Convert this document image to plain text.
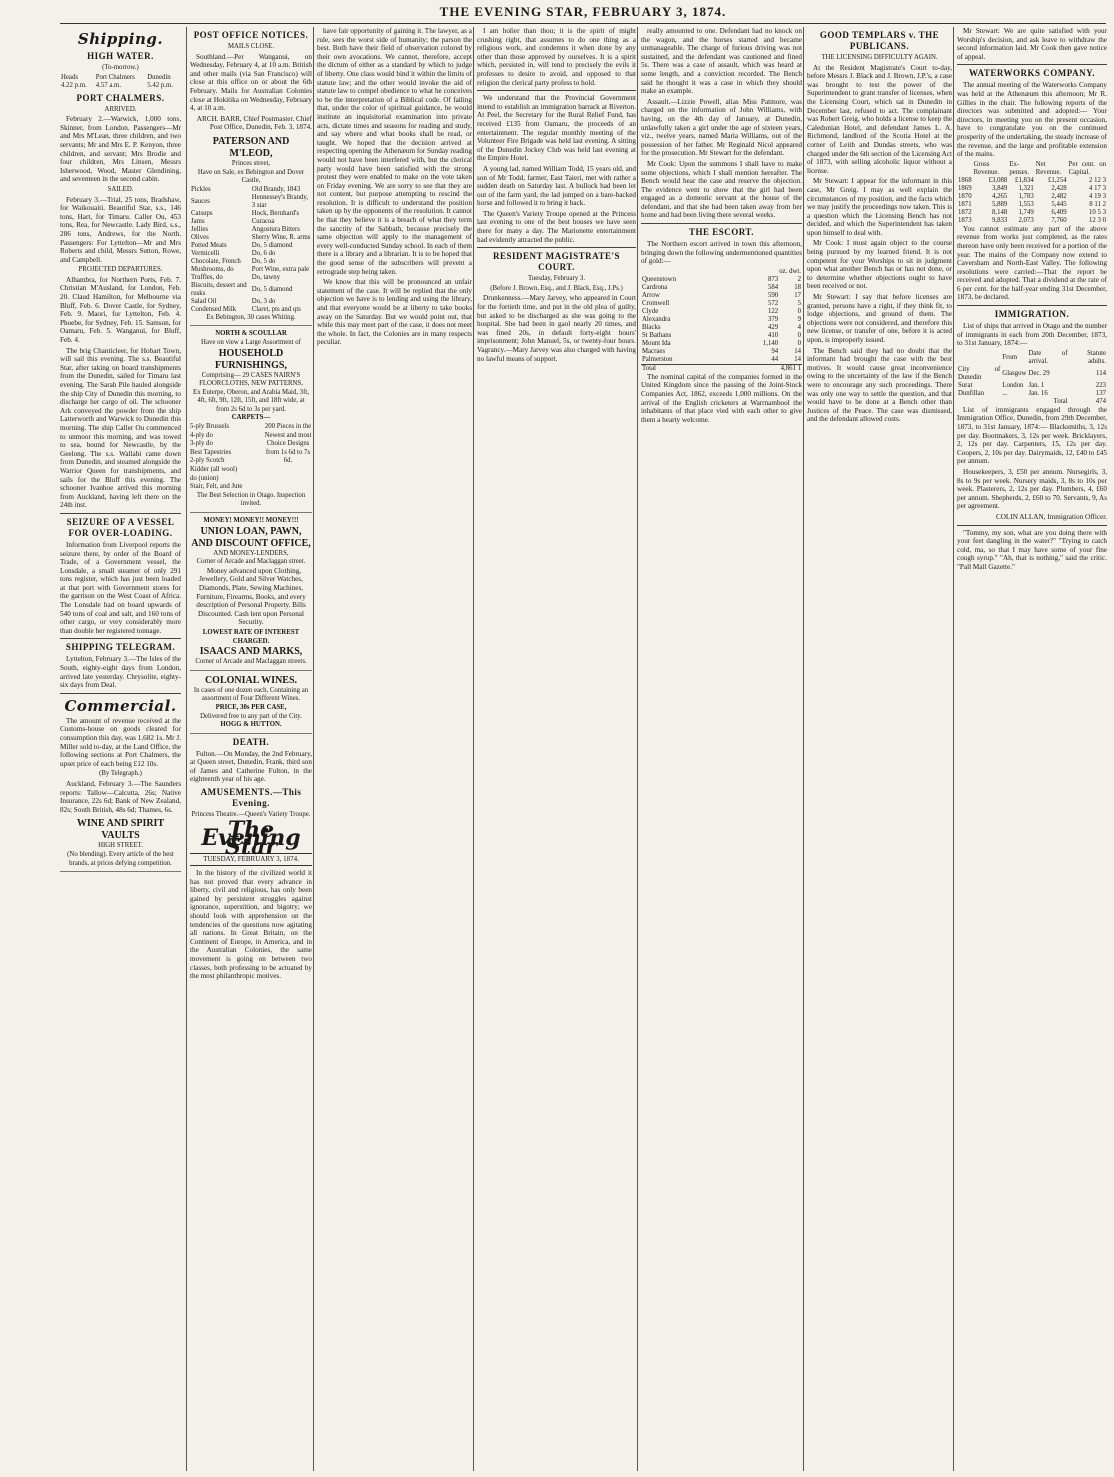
THE EVENING STAR, FEBRUARY 3, 1874.
Shipping.
HIGH WATER.
(To-morrow.)
Heads	Port Chalmers	Dunedin
4.22 p.m.	4.57 a.m.	5.42 p.m.
PORT CHALMERS.
ARRIVED.

February 2.—Warwick, 1,000 tons, Skinner, from London. Passengers—Mr and Mrs M'Lean, three children, and two servants; Mr and Mrs E. P. Kenyon, three children, and servant; Mrs Brodie and four children, Mrs Linsen, Messrs Isherwood, Wood, Master Glendining, and seventeen in the second cabin.

SAILED.

February 3.—Trial, 25 tons, Bradshaw, for Waikouaiti. Beautiful Star, s.s., 146 tons, Hart, for Timaru. Caller Ou, 453 tons, Rea, for Newcastle. Lady Bird, s.s., 286 tons, Andrews, for the North. Passengers: For Lyttelton—Mr and Mrs Roberts and child, Messrs Sutton, Rowe, and Campbell.

PROJECTED DEPARTURES.

Alhambra, for Northern Ports, Feb. 7. Christian M'Ausland, for London, Feb. 20. Claud Hamilton, for Melbourne via Bluff, Feb. 6. Dover Castle, for Sydney, Feb. 9. Maori, for Lyttelton, Feb. 4. Phoebe, for Sydney, Feb. 15. Samson, for Oamaru, Feb. 5. Wanganui, for Bluff, Feb. 4.

The brig Chanticleer, for Hobart Town, will sail this evening. The s.s. Beautiful Star, after taking on board transhipments from the Dunedin, sailed for Timaru last evening. The Sarah Pile hauled alongside the ship City of Dunedin this morning, to discharge her cargo of oil. The schooner Ark conveyed the powder from the ship Latterworth and Warwick to Dunedin this morning. The ship Caller Ou commenced to unmoor this morning, and was towed to sea, bound for Newcastle, by the Geelong. The s.s. Wallabi came down from Dunedin, and steamed alongside the Warrior Queen for transhipments, and sails for the Bluff this evening. The schooner Ivanhoe arrived this morning from Auckland, having left there on the 24th inst.

SEIZURE OF A VESSEL FOR OVER-LOADING.

Information from Liverpool reports the seizure there, by order of the Board of Trade, of a Government vessel, the Lonsdale, a small steamer of only 291 tons register, which has just been loaded at that port with Government stores for the garrison on the West Coast of Africa. The Lonsdale had on board upwards of 540 tons of coal and salt, and 160 tons of other cargo, or very considerably more than double her registered tonnage.

SHIPPING TELEGRAM.

Lyttelton, February 3.—The Isles of the South, eighty-eight days from London, arrived late yesterday. Chrysolite, eighty-six days from Deal.

Commercial.

The amount of revenue received at the Customs-house on goods cleared for consumption this day, was 1,682 1s. Mr J. Miller sold to-day, at the Land Office, the following sections at Port Chalmers, the upset price of each being £12 10s.

(By Telegraph.)

Auckland, February 3.—The Saunders reports: Tallow—Calcutta, 26s; Native Insurance, 22s 6d; Bank of New Zealand, 82s; South British, 48s 6d; Thames, 6s.

WINE AND SPIRIT VAULTS
HIGH STREET.
(No blending). Every article of the best brands, at prices defying competition.
POST OFFICE NOTICES.
MAILS CLOSE.

Southland.—Per Wanganui, on Wednesday, February 4, at 10 a.m. British and other mails (via San Francisco) will close at this office on or about the 6th February. Mails for Australian Colonies close at Hokitika on Wednesday, February 4, at 10 a.m.

ARCH. BARR, Chief Postmaster. Chief Post Office, Dunedin, Feb. 3, 1874.

PATERSON AND M'LEOD,
Princes street,
Have on Sale, ex Bebington and Dover Castle,
Pickles	Old Brandy, 1843
Sauces	Hennessey's Brandy, 3 star
Catsups	Hock, Bernhard's
Jams	Curacoa
Jellies	Angostura Bitters
Olives	Sherry Wine, R. arms
Potted Meats	Do, 5 diamond
Vermicelli	Do, 6 do
Chocolate, French	Do, 5 do
Mushrooms, do	Port Wine, extra pale
Truffles, do	Do, tawny
Biscuits, dessert and rusks	Do, 5 diamond
Salad Oil	Do, 3 do
Condensed Milk	Claret, pts and qts
Ex Bebington, 30 cases Whiting.
NORTH & SCOULLAR
Have on view a Large Assortment of
HOUSEHOLD FURNISHINGS,
Comprising— 29 CASES NAIRN'S FLOORCLOTHS, NEW PATTERNS,
Ex Euterpe, Oberon, and Arabia Maid, 3ft, 4ft, 6ft, 9ft, 12ft, 15ft, and 18ft wide, at from 2s 6d to 3s per yard.
CARPETS—
5-ply Brussels
4-ply do
3-ply do
Best Tapestries
2-ply Scotch
Kidder (all wool)
do (union)
Stair, Felt, and Jute
200 Pieces in the Newest and most Choice Designs from 1s 6d to 7s 6d.
The Best Selection in Otago. Inspection invited.
MONEY! MONEY!! MONEY!!!
UNION LOAN, PAWN, AND DISCOUNT OFFICE,
AND MONEY-LENDERS,
Corner of Arcade and Maclaggan street.

Money advanced upon Clothing, Jewellery, Gold and Silver Watches, Diamonds, Plate, Sewing Machines, Furniture, Firearms, Books, and every description of Personal Property. Bills Discounted. Cash lent upon Personal Security.

LOWEST RATE OF INTEREST CHARGED.
ISAACS AND MARKS,
Corner of Arcade and Maclaggan streets.
COLONIAL WINES.
In cases of one dozen each, Containing an assortment of Four Different Wines.
PRICE, 30s PER CASE,
Delivered free to any part of the City.
HOGG & HUTTON.
DEATH.

Fulton.—On Monday, the 2nd February, at Queen street, Dunedin, Frank, third son of James and Catherine Fulton, in the eighteenth year of his age.

AMUSEMENTS.—This Evening.
Princess Theatre.—Queen's Variety Troupe.
The Evening Star
TUESDAY, FEBRUARY 3, 1874.

In the history of the civilized world it has not proved that every advance in liberty, civil and religious, has only been gained by persistent struggles against ignorance, superstition, and bigotry; we should look with apprehension on the tendencies of the questions now agitating all nations. In Great Britain, on the Continent of Europe, in America, and in the Australian Colonies, the same movement is going on between two classes, both professing to be actuated by the most philanthropic motives.

have fair opportunity of gaining it. The lawyer, as a rule, sees the worst side of humanity; the parson the best. Both have their field of observation colored by their own avocations. We cannot, therefore, accept the dictum of either as a standard by which to judge of liberty. One class would bind it within the limits of statute law; and the other would invoke the aid of statute law to compel obedience to what he conceives to be the interpretation of a Biblical code. Of failing that, under the color of spiritual guidance, he would institute an inquisitorial examination into private acts, dictate times and seasons for reading and study, and say where and what books shall be read, or taught. We hoped that the decision arrived at respecting opening the Athenæum for Sunday reading would not have been interfered with, but the clerical party would have been satisfied with the strong protest they were enabled to make on the vote taken on Friday evening. We are sorry to see that they are not content, but purpose attempting to rescind the resolution. It is difficult to understand the position taken up by the opponents of the resolution. It cannot be that they believe it is a breach of what they term the sanctity of the Sabbath, because precisely the same objection will apply to the management of every well-conducted Sunday school. In each of them there is a library and a librarian. It is to be hoped that the good sense of the subscribers will prevent a retrograde step being taken.

We know that this will be pronounced an unfair statement of the case. It will be replied that the only objection we have is to lending and using the library, and that everyone would be at liberty to take books away on the Saturday. But we would point out, that while this may meet part of the case, it does not meet the whole. In fact, the Colonies are in many respects peculiar.

I am holier than thou; it is the spirit of might crushing right, that assumes to do one thing as a religious work, and condemns it when done by any other than those approved by ourselves. It is a spirit which, persisted in, will tend to precisely the evils it professes to desire to avoid, and opposed to that religion the clerical party profess to hold.

We understand that the Provincial Government intend to establish an immigration barrack at Riverton. At Peel, the Secretary for the Rural Relief Fund, has received £135 from Oamaru, the proceeds of an entertainment. The regular monthly meeting of the Volunteer Fire Brigade was held last evening. A sitting of the Dunedin Jockey Club was held last evening at the Empire Hotel.

A young lad, named William Todd, 15 years old, and son of Mr Todd, farmer, East Taieri, met with rather a sudden death on Saturday last. A bullock had been let out of the farm yard, the lad jumped on a bare-backed horse and followed it to bring it back.

The Queen's Variety Troupe opened at the Princess last evening to one of the best houses we have seen there for many a day. The Marionette entertainment had evidently attracted the public.

RESIDENT MAGISTRATE'S COURT.
Tuesday, February 3.
(Before J. Brown, Esq., and J. Black, Esq., J.Ps.)

Drunkenness.—Mary Jarvey, who appeared in Court for the fortieth time, and put in the old plea of guilty, but asked to be discharged as she was going to the hospital. She had been in gaol nearly 20 times, and was fined 20s, in default forty-eight hours' imprisonment; John Manuel, 5s, or twenty-four hours. Vagrancy.—Mary Jarvey was also charged with having no lawful means of support.

really amounted to one. Defendant had no knock on the wagon, and the horses started and became unmanageable. The charge of furious driving was not sustained, and the defendant was cautioned and fined 5s. There was a case of assault, which was heard at some length, and a conviction recorded. The Bench said he thought it was a case in which they should make an example.

Assault.—Lizzie Powell, alias Miss Patmore, was charged on the information of John Williams, with having, on the 4th day of January, at Dunedin, unlawfully taken a girl under the age of sixteen years, viz., twelve years, named Maria Williams, out of the possession of her father. Mr Reginald Nicol appeared for the prosecution. Mr Stewart for the defendant.

Mr Cook: Upon the summons I shall have to make some objections, which I shall mention hereafter. The Bench would hear the case and reserve the objection. The evidence went to show that the girl had been engaged as a domestic servant at the house of the defendant, and that she had been taken away from her home and had been living there several weeks.

THE ESCORT.

The Northern escort arrived in town this afternoon, bringing down the following undermentioned quantities of gold:—

	oz. dwt.	
Queenstown	873	2
Cardrona	584	18
Arrow	590	17
Cromwell	572	5
Clyde	122	0
Alexandra	379	9
Blacks	429	4
St Bathans	410	0
Mount Ida	1,140	0
Macraes	94	14
Palmerston	44	14
Total	4,861 1	

The nominal capital of the companies formed in the United Kingdom since the passing of the Joint-Stock Companies Act, 1862, exceeds 1,000 millions. On the arrival of the English cricketers at Warrnambool the inhabitants of that place vied with each other to give them a hearty welcome.

GOOD TEMPLARS v. THE PUBLICANS.
THE LICENSING DIFFICULTY AGAIN.

At the Resident Magistrate's Court to-day, before Messrs J. Black and J. Brown, J.P.'s, a case was brought to test the power of the Superintendent to grant transfer of licenses, when the Licensing Court, which sat in Dunedin in December last, refused to act. The complainant was Robert Greig, who holds a license to keep the Caledonian Hotel, and defendant James L. A. Richmond, landlord of the Scotia Hotel at the corner of Leith and Dundas streets, who was charged under the 6th section of the Licensing Act of 1873, with selling alcoholic liquor without a license.

Mr Stewart: I appear for the informant in this case, Mr Greig. I may as well explain the circumstances of my position, and the facts which we may justify the proceedings now taken. This is a question which the Licensing Bench has not decided, and which the Superintendent has taken upon himself to deal with.

Mr Cook: I must again object to the course being pursued by my learned friend. It is not competent for your Worships to sit in judgment upon what another Bench has or has not done, or to determine whether objections ought to have been received or not.

Mr Stewart: I say that before licenses are granted, persons have a right, if they think fit, to lodge objections, and ground of them. The objections were not considered, and therefore this new license, or transfer of one, before it is acted upon, is improperly issued.

The Bench said they had no doubt that the informant had brought the case with the best motives. It would cause great inconvenience owing to the uncertainty of the law if the Bench were to encourage any such proceedings. There was only one way to settle the question, and that would have to be done at a Bench other than Justices of the Peace. The case was dismissed, and the defendant allowed costs.

Mr Stewart: We are quite satisfied with your Worship's decision, and ask leave to withdraw the second information laid. Mr Cook then gave notice of appeal.

WATERWORKS COMPANY.

The annual meeting of the Waterworks Company was held at the Athenæum this afternoon; Mr R. Gillies in the chair. The following reports of the directors was submitted and adopted:— Your directors, in meeting you on the present occasion, have to congratulate you on the continued prosperity of the undertaking, the steady increase of the revenue, and the large and profitable extension of the mains.

	Gross Revenue.	Ex-penses.	Net Revenue.	Per cent. on Capital.
1868	£3,088	£1,834	£1,254	2 12 3
1869	3,849	1,321	2,428	4 17 3
1870	4,265	1,783	2,482	4 19 3
1871	5,889	1,553	5,445	8 11 2
1872	8,148	1,749	6,409	10 5 3
1873	9,833	2,073	7,760	12 3 0

You cannot estimate any part of the above revenue from works just completed, as the rates thereon have only been received for a portion of the year. The mains of the Company now extend to Caversham and North-East Valley. The following resolutions were carried:—That the report be received and adopted. That a dividend at the rate of 6 per cent. for the half-year ending 31st December, 1873, be declared.

IMMIGRATION.

List of ships that arrived in Otago and the number of immigrants in each from 20th December, 1873, to 31st January, 1874:—

	From	Date of arrival.	Statute adults.
City of Dunedin	Glasgow	Dec. 29	114
Surat	London	Jan. 1	223
Dunfillan	...	Jan. 16	137
Total			474

List of immigrants engaged through the Immigration Office, Dunedin, from 29th December, 1873, to 31st January, 1874:— Blacksmiths, 3, 12s per day. Bootmakers, 3, 12s per week. Bricklayers, 2, 12s per day. Carpenters, 15, 12s per day. Coopers, 2, 10s per day. Dairymaids, 12, £40 to £45 per annum.

Housekeepers, 3, £50 per annum. Nursegirls, 3, 8s to 9s per week. Nursery maids, 3, 8s to 10s per week. Plasterers, 2, 12s per day. Plumbers, 4, £60 per annum. Shepherds, 2, £60 to 70. Servants, 9, As per agreement.

COLIN ALLAN, Immigration Officer.

"Tommy, my son, what are you doing there with your feet dangling in the water?" "Trying to catch cold, ma, so that I may have some of your fine cough syrup." "Ah, that is nothing," said the critic. "Pall Mall Gazette."
